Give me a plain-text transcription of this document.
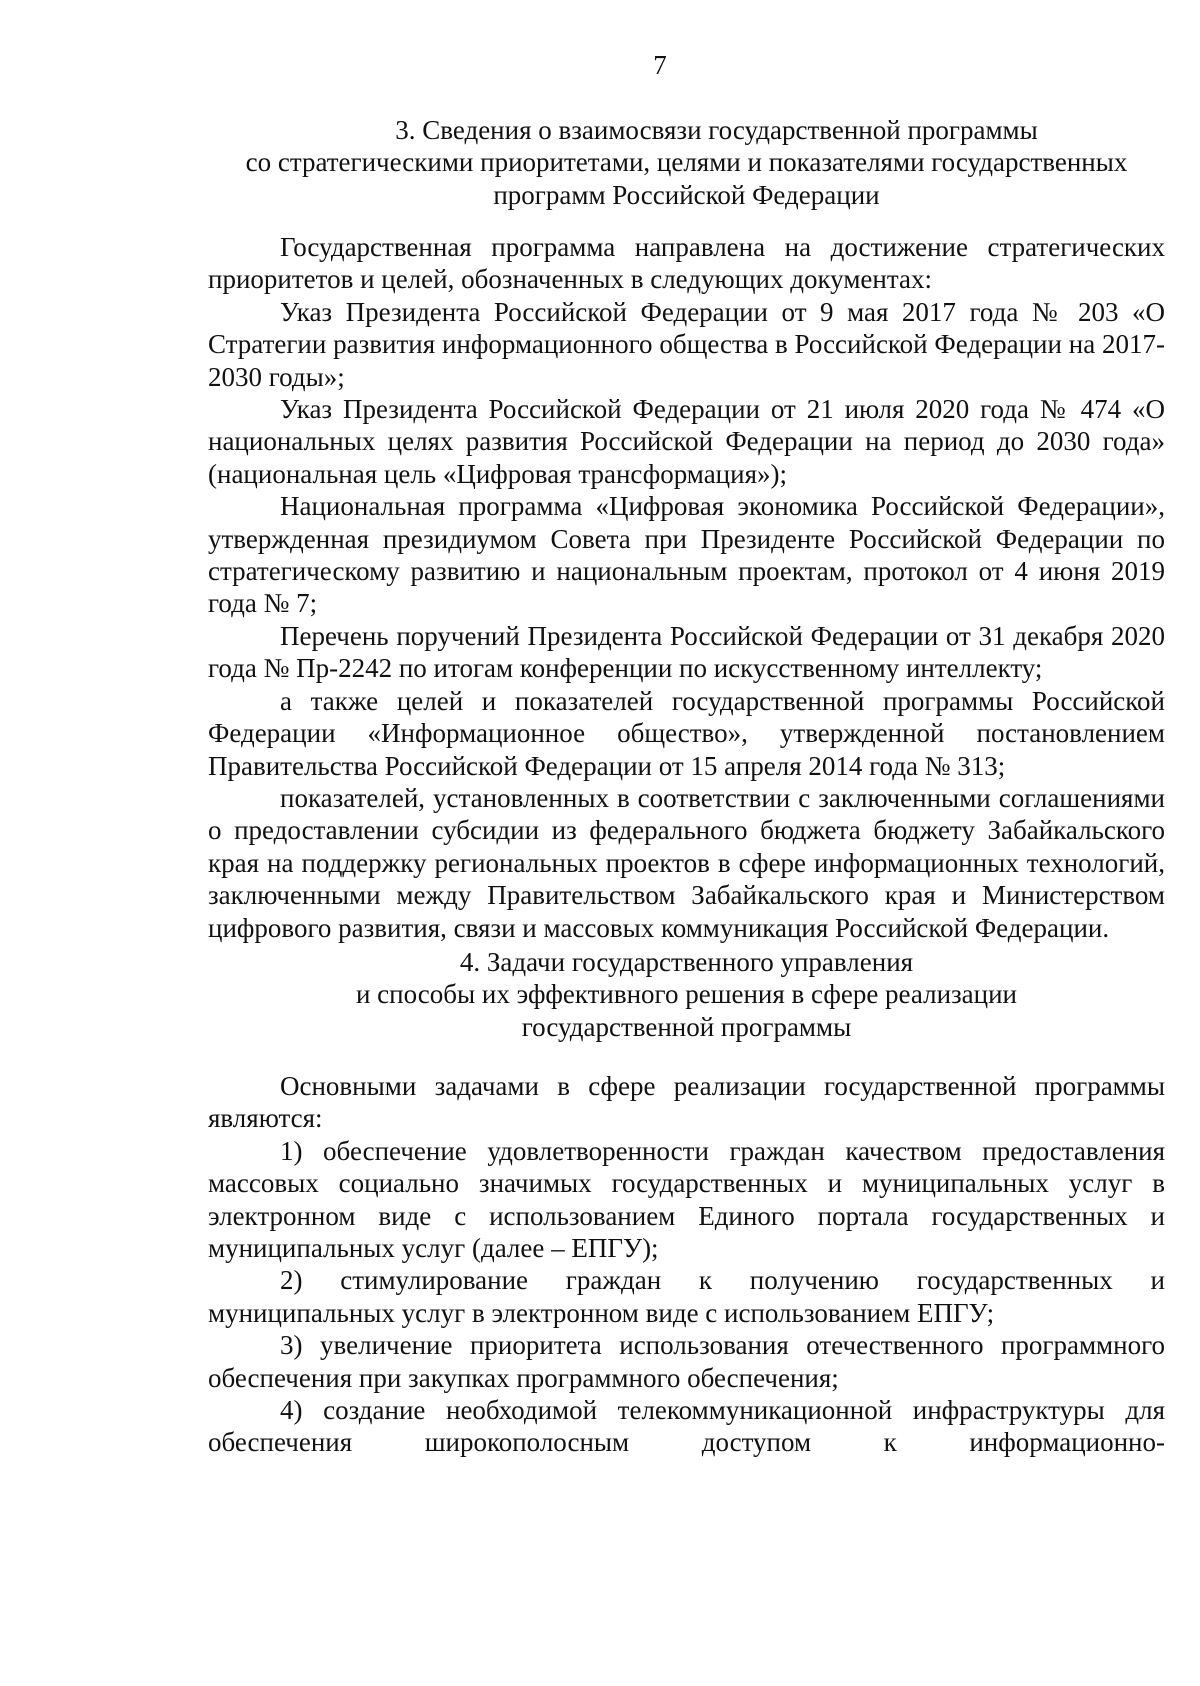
7
3. Сведения о взаимосвязи государственной программы
со стратегическими приоритетами, целями и показателями государственных
программ Российской Федерации

Государственная программа направлена на достижение стратегических приоритетов и целей, обозначенных в следующих документах:

Указ Президента Российской Федерации от 9 мая 2017 года № 203 «О Стратегии развития информационного общества в Российской Федерации на 2017-2030 годы»;

Указ Президента Российской Федерации от 21 июля 2020 года № 474 «О национальных целях развития Российской Федерации на период до 2030 года» (национальная цель «Цифровая трансформация»);

Национальная программа «Цифровая экономика Российской Федерации», утвержденная президиумом Совета при Президенте Российской Федерации по стратегическому развитию и национальным проектам, протокол от 4 июня 2019 года № 7;

Перечень поручений Президента Российской Федерации от 31 декабря 2020 года № Пр-2242 по итогам конференции по искусственному интеллекту;

а также целей и показателей государственной программы Российской Федерации «Информационное общество», утвержденной постановлением Правительства Российской Федерации от 15 апреля 2014 года № 313;

показателей, установленных в соответствии с заключенными соглашениями о предоставлении субсидии из федерального бюджета бюджету Забайкальского края на поддержку региональных проектов в сфере информационных технологий, заключенными между Правительством Забайкальского края и Министерством цифрового развития, связи и массовых коммуникация Российской Федерации.

4. Задачи государственного управления
и способы их эффективного решения в сфере реализации
государственной программы

Основными задачами в сфере реализации государственной программы являются:

1) обеспечение удовлетворенности граждан качеством предоставления массовых социально значимых государственных и муниципальных услуг в электронном виде с использованием Единого портала государственных и муниципальных услуг (далее – ЕПГУ);

2) стимулирование граждан к получению государственных и муниципальных услуг в электронном виде с использованием ЕПГУ;

3) увеличение приоритета использования отечественного программного обеспечения при закупках программного обеспечения;

4) создание необходимой телекоммуникационной инфраструктуры для обеспечения широкополосным доступом к информационно-
